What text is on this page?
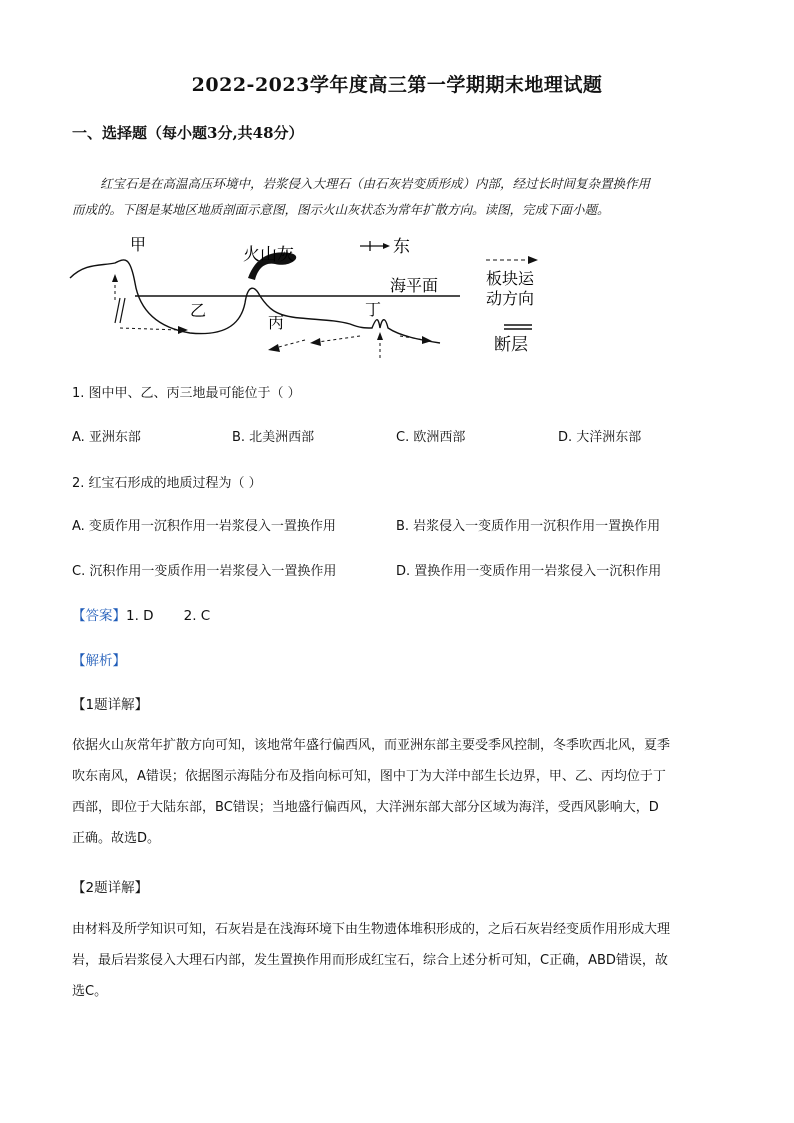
2022-2023学年度高三第一学期期末地理试题
一、选择题（每小题3分,共48分）
红宝石是在高温高压环境中，岩浆侵入大理石（由石灰岩变质形成）内部，经过长时间复杂置换作用
而成的。下图是某地区地质剖面示意图，图示火山灰状态为常年扩散方向。读图，完成下面小题。
甲
乙
丙
丁
火山灰	东
海平面	板块运
动方向
断层
1. 图中甲、乙、丙三地最可能位于（ ）
A. 亚洲东部	B. 北美洲西部	C. 欧洲西部	D. 大洋洲东部
2. 红宝石形成的地质过程为（ ）
A. 变质作用一沉积作用一岩浆侵入一置换作用	B. 岩浆侵入一变质作用一沉积作用一置换作用
C. 沉积作用一变质作用一岩浆侵入一置换作用	D. 置换作用一变质作用一岩浆侵入一沉积作用
【答案】1. D       2. C
【解析】
【1题详解】
依据火山灰常年扩散方向可知，该地常年盛行偏西风，而亚洲东部主要受季风控制，冬季吹西北风，夏季
吹东南风，A错误；依据图示海陆分布及指向标可知，图中丁为大洋中部生长边界，甲、乙、丙均位于丁
西部，即位于大陆东部，BC错误；当地盛行偏西风，大洋洲东部大部分区域为海洋，受西风影响大，D
正确。故选D。
【2题详解】
由材料及所学知识可知，石灰岩是在浅海环境下由生物遗体堆积形成的，之后石灰岩经变质作用形成大理
岩，最后岩浆侵入大理石内部，发生置换作用而形成红宝石，综合上述分析可知，C正确，ABD错误，故
选C。
